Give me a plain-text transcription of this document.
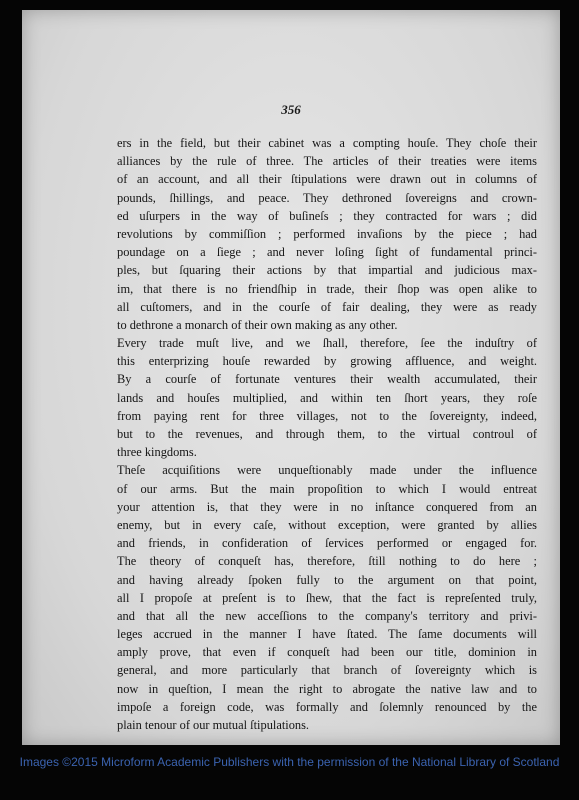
356
ers in the field, but their cabinet was a compting houſe. They choſe their
alliances by the rule of three. The articles of their treaties were items
of an account, and all their ſtipulations were drawn out in columns of
pounds, ſhillings, and peace. They dethroned ſovereigns and crown-
ed uſurpers in the way of buſineſs ; they contracted for wars ; did
revolutions by commiſſion ; performed invaſions by the piece ; had
poundage on a ſiege ; and never loſing ſight of fundamental princi-
ples, but ſquaring their actions by that impartial and judicious max-
im, that there is no friendſhip in trade, their ſhop was open alike to
all cuſtomers, and in the courſe of fair dealing, they were as ready
to dethrone a monarch of their own making as any other.
Every trade muſt live, and we ſhall, therefore, ſee the induſtry of
this enterprizing houſe rewarded by growing affluence, and weight.
By a courſe of fortunate ventures their wealth accumulated, their
lands and houſes multiplied, and within ten ſhort years, they roſe
from paying rent for three villages, not to the ſovereignty, indeed,
but to the revenues, and through them, to the virtual controul of
three kingdoms.
Theſe acquiſitions were unqueſtionably made under the influence
of our arms. But the main propoſition to which I would entreat
your attention is, that they were in no inſtance conquered from an
enemy, but in every caſe, without exception, were granted by allies
and friends, in confideration of ſervices performed or engaged for.
The theory of conqueſt has, therefore, ſtill nothing to do here ;
and having already ſpoken fully to the argument on that point,
all I propoſe at preſent is to ſhew, that the fact is repreſented truly,
and that all the new acceſſions to the company's territory and privi-
leges accrued in the manner I have ſtated. The ſame documents will
amply prove, that even if conqueſt had been our title, dominion in
general, and more particularly that branch of ſovereignty which is
now in queſtion, I mean the right to abrogate the native law and to
impoſe a foreign code, was formally and ſolemnly renounced by the
plain tenour of our mutual ſtipulations.
Images ©2015 Microform Academic Publishers with the permission of the National Library of Scotland
